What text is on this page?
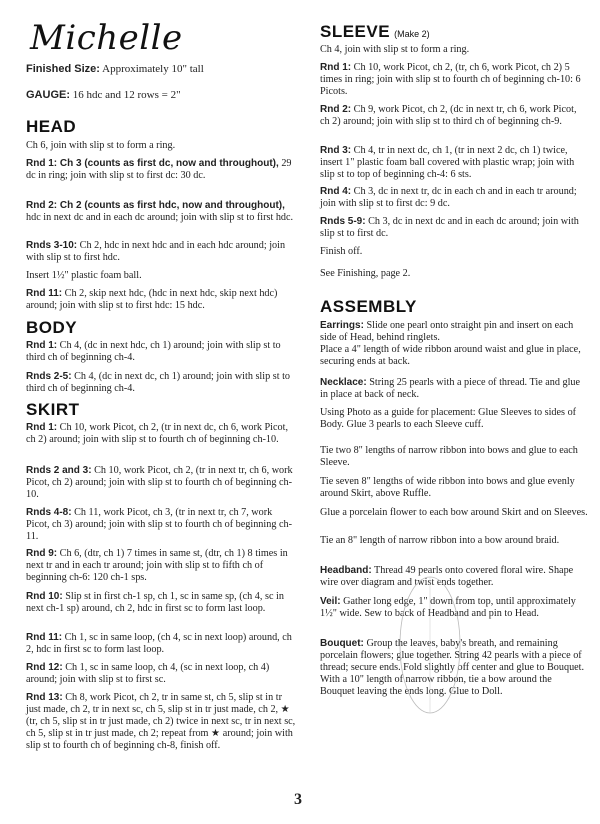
Michelle
Finished Size: Approximately 10" tall
GAUGE: 16 hdc and 12 rows = 2"
HEAD
Ch 6, join with slip st to form a ring.
Rnd 1: Ch 3 (counts as first dc, now and throughout), 29 dc in ring; join with slip st to first dc: 30 dc.
Rnd 2: Ch 2 (counts as first hdc, now and throughout), hdc in next dc and in each dc around; join with slip st to first hdc.
Rnds 3-10: Ch 2, hdc in next hdc and in each hdc around; join with slip st to first hdc.
Insert 1½" plastic foam ball.
Rnd 11: Ch 2, skip next hdc, (hdc in next hdc, skip next hdc) around; join with slip st to first hdc: 15 hdc.
BODY
Rnd 1: Ch 4, (dc in next hdc, ch 1) around; join with slip st to third ch of beginning ch-4.
Rnds 2-5: Ch 4, (dc in next dc, ch 1) around; join with slip st to third ch of beginning ch-4.
SKIRT
Rnd 1: Ch 10, work Picot, ch 2, (tr in next dc, ch 6, work Picot, ch 2) around; join with slip st to fourth ch of beginning ch-10.
Rnds 2 and 3: Ch 10, work Picot, ch 2, (tr in next tr, ch 6, work Picot, ch 2) around; join with slip st to fourth ch of beginning ch-10.
Rnds 4-8: Ch 11, work Picot, ch 3, (tr in next tr, ch 7, work Picot, ch 3) around; join with slip st to fourth ch of beginning ch-11.
Rnd 9: Ch 6, (dtr, ch 1) 7 times in same st, (dtr, ch 1) 8 times in next tr and in each tr around; join with slip st to fifth ch of beginning ch-6: 120 ch-1 sps.
Rnd 10: Slip st in first ch-1 sp, ch 1, sc in same sp, (ch 4, sc in next ch-1 sp) around, ch 2, hdc in first sc to form last loop.
Rnd 11: Ch 1, sc in same loop, (ch 4, sc in next loop) around, ch 2, hdc in first sc to form last loop.
Rnd 12: Ch 1, sc in same loop, ch 4, (sc in next loop, ch 4) around; join with slip st to first sc.
Rnd 13: Ch 8, work Picot, ch 2, tr in same st, ch 5, slip st in tr just made, ch 2, tr in next sc, ch 5, slip st in tr just made, ch 2, ★ (tr, ch 5, slip st in tr just made, ch 2) twice in next sc, tr in next sc, ch 5, slip st in tr just made, ch 2; repeat from ★ around; join with slip st to fourth ch of beginning ch-8, finish off.
SLEEVE (Make 2)
Ch 4, join with slip st to form a ring.
Rnd 1: Ch 10, work Picot, ch 2, (tr, ch 6, work Picot, ch 2) 5 times in ring; join with slip st to fourth ch of beginning ch-10: 6 Picots.
Rnd 2: Ch 9, work Picot, ch 2, (dc in next tr, ch 6, work Picot, ch 2) around; join with slip st to third ch of beginning ch-9.
Rnd 3: Ch 4, tr in next dc, ch 1, (tr in next 2 dc, ch 1) twice, insert 1" plastic foam ball covered with plastic wrap; join with slip st to top of beginning ch-4: 6 sts.
Rnd 4: Ch 3, dc in next tr, dc in each ch and in each tr around; join with slip st to first dc: 9 dc.
Rnds 5-9: Ch 3, dc in next dc and in each dc around; join with slip st to first dc.
Finish off.
See Finishing, page 2.
ASSEMBLY
Earrings: Slide one pearl onto straight pin and insert on each side of Head, behind ringlets.
Place a 4" length of wide ribbon around waist and glue in place, securing ends at back.
Necklace: String 25 pearls with a piece of thread. Tie and glue in place at back of neck.
Using Photo as a guide for placement: Glue Sleeves to sides of Body. Glue 3 pearls to each Sleeve cuff.
Tie two 8" lengths of narrow ribbon into bows and glue to each Sleeve.
Tie seven 8" lengths of wide ribbon into bows and glue evenly around Skirt, above Ruffle.
Glue a porcelain flower to each bow around Skirt and on Sleeves.
Tie an 8" length of narrow ribbon into a bow around braid.
Headband: Thread 49 pearls onto covered floral wire. Shape wire over diagram and twist ends together.
Veil: Gather long edge, 1" down from top, until approximately 1½" wide. Sew to back of Headband and pin to Head.
Bouquet: Group the leaves, baby's breath, and remaining porcelain flowers; glue together. String 42 pearls with a piece of thread; secure ends. Fold slightly off center and glue to Bouquet. With a 10" length of narrow ribbon, tie a bow around the Bouquet leaving the ends long. Glue to Doll.
3
